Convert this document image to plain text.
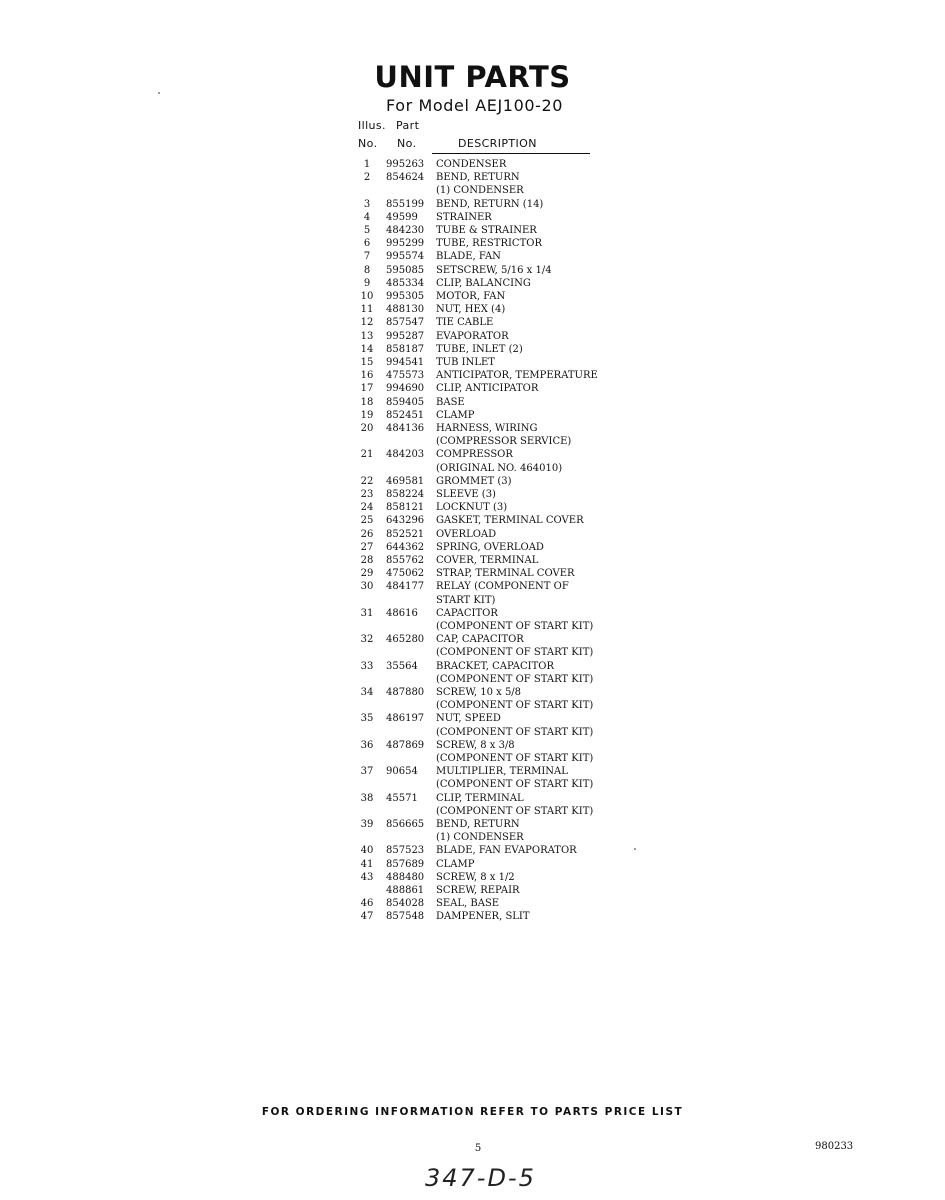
UNIT PARTS
For Model AEJ100-20
Illus. Part
No. No.	DESCRIPTION
1	995263	CONDENSER
2	854624	BEND, RETURN
(1) CONDENSER
3	855199	BEND, RETURN (14)
4	49599	STRAINER
5	484230	TUBE & STRAINER
6	995299	TUBE, RESTRICTOR
7	995574	BLADE, FAN
8	595085	SETSCREW, 5/16 x 1/4
9	485334	CLIP, BALANCING
10	995305	MOTOR, FAN
11	488130	NUT, HEX (4)
12	857547	TIE CABLE
13	995287	EVAPORATOR
14	858187	TUBE, INLET (2)
15	994541	TUB INLET
16	475573	ANTICIPATOR, TEMPERATURE
17	994690	CLIP, ANTICIPATOR
18	859405	BASE
19	852451	CLAMP
20	484136	HARNESS, WIRING
(COMPRESSOR SERVICE)
21	484203	COMPRESSOR
(ORIGINAL NO. 464010)
22	469581	GROMMET (3)
23	858224	SLEEVE (3)
24	858121	LOCKNUT (3)
25	643296	GASKET, TERMINAL COVER
26	852521	OVERLOAD
27	644362	SPRING, OVERLOAD
28	855762	COVER, TERMINAL
29	475062	STRAP, TERMINAL COVER
30	484177	RELAY (COMPONENT OF
START KIT)
31	48616	CAPACITOR
(COMPONENT OF START KIT)
32	465280	CAP, CAPACITOR
(COMPONENT OF START KIT)
33	35564	BRACKET, CAPACITOR
(COMPONENT OF START KIT)
34	487880	SCREW, 10 x 5/8
(COMPONENT OF START KIT)
35	486197	NUT, SPEED
(COMPONENT OF START KIT)
36	487869	SCREW, 8 x 3/8
(COMPONENT OF START KIT)
37	90654	MULTIPLIER, TERMINAL
(COMPONENT OF START KIT)
38	45571	CLIP, TERMINAL
(COMPONENT OF START KIT)
39	856665	BEND, RETURN
(1) CONDENSER
40	857523	BLADE, FAN EVAPORATOR
41	857689	CLAMP
43	488480	SCREW, 8 x 1/2
488861	SCREW, REPAIR
46	854028	SEAL, BASE
47	857548	DAMPENER, SLIT
FOR ORDERING INFORMATION REFER TO PARTS PRICE LIST
5	980233
347-D-5
